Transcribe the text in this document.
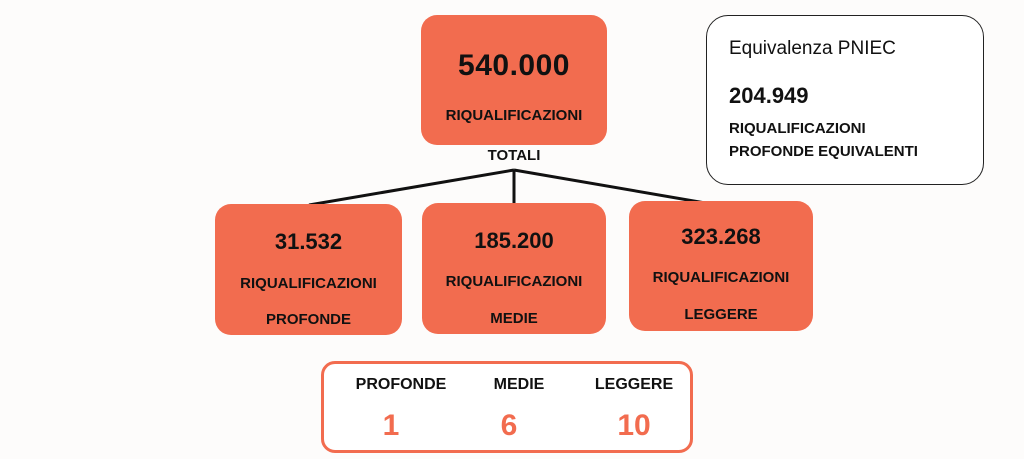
540.000
RIQUALIFICAZIONI
TOTALI
31.532
RIQUALIFICAZIONI
PROFONDE
185.200
RIQUALIFICAZIONI
MEDIE
323.268
RIQUALIFICAZIONI
LEGGERE
Equivalenza PNIEC
204.949
RIQUALIFICAZIONI
PROFONDE EQUIVALENTI
PROFONDE	MEDIE	LEGGERE
1	6	10
